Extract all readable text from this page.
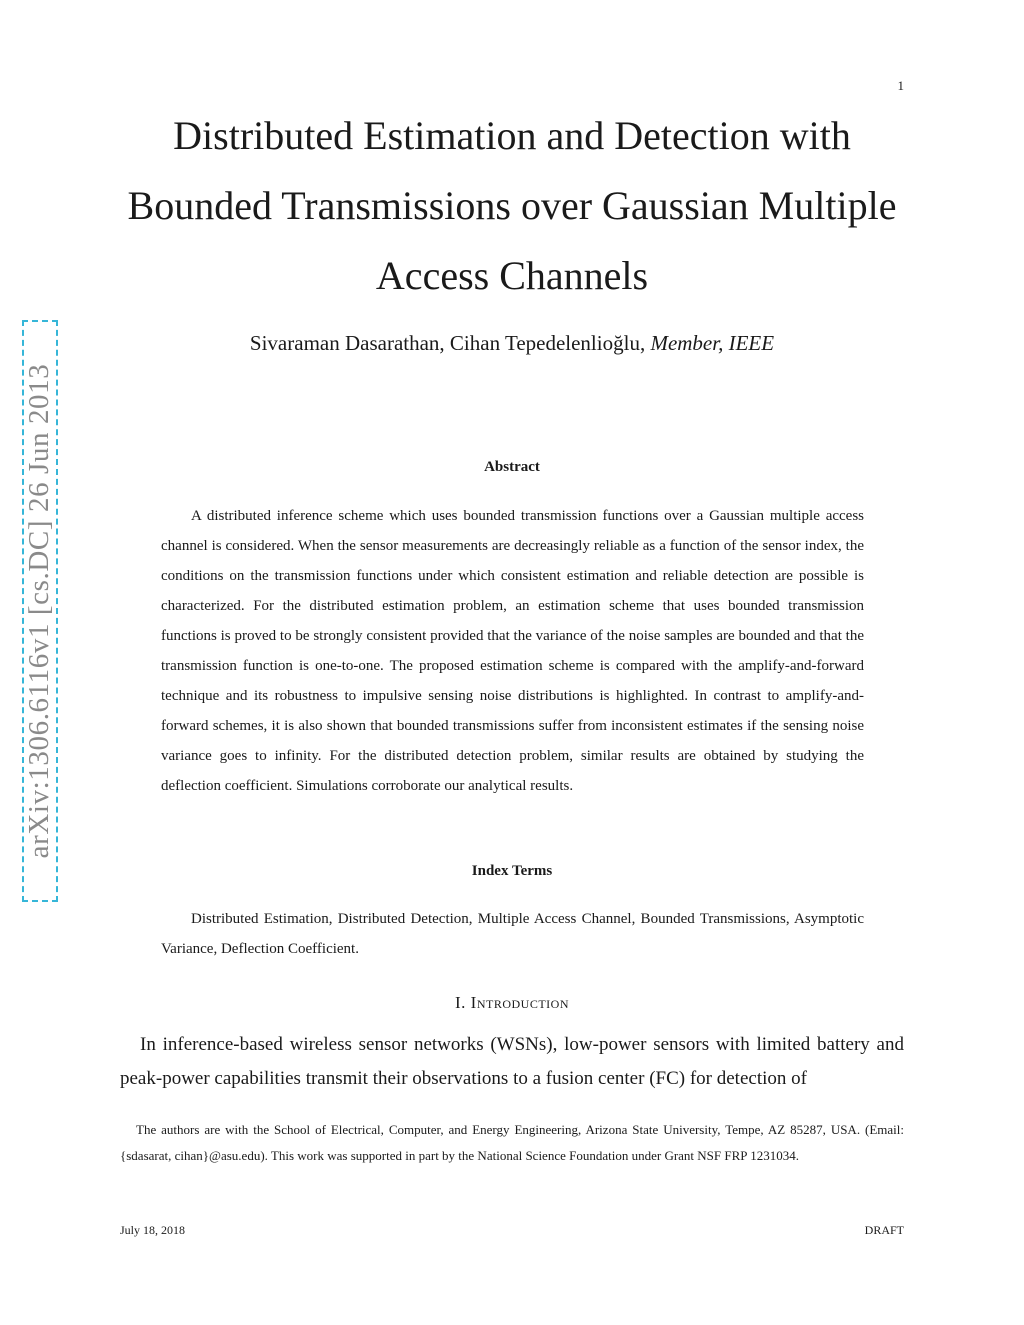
1
Distributed Estimation and Detection with
Bounded Transmissions over Gaussian Multiple
Access Channels
Sivaraman Dasarathan, Cihan Tepedelenlioğlu, Member, IEEE
arXiv:1306.6116v1 [cs.DC] 26 Jun 2013	Abstract

A distributed inference scheme which uses bounded transmission functions over a Gaussian multiple access channel is considered. When the sensor measurements are decreasingly reliable as a function of the sensor index, the conditions on the transmission functions under which consistent estimation and reliable detection are possible is characterized. For the distributed estimation problem, an estimation scheme that uses bounded transmission functions is proved to be strongly consistent provided that the variance of the noise samples are bounded and that the transmission function is one-to-one. The proposed estimation scheme is compared with the amplify-and-forward technique and its robustness to impulsive sensing noise distributions is highlighted. In contrast to amplify-and-forward schemes, it is also shown that bounded transmissions suffer from inconsistent estimates if the sensing noise variance goes to infinity. For the distributed detection problem, similar results are obtained by studying the deflection coefficient. Simulations corroborate our analytical results.

Index Terms

Distributed Estimation, Distributed Detection, Multiple Access Channel, Bounded Transmissions, Asymptotic Variance, Deflection Coefficient.

I. Introduction

In inference-based wireless sensor networks (WSNs), low-power sensors with limited battery and peak-power capabilities transmit their observations to a fusion center (FC) for detection of

The authors are with the School of Electrical, Computer, and Energy Engineering, Arizona State University, Tempe, AZ 85287, USA. (Email: {sdasarat, cihan}@asu.edu). This work was supported in part by the National Science Foundation under Grant NSF FRP 1231034.

July 18, 2018	DRAFT
